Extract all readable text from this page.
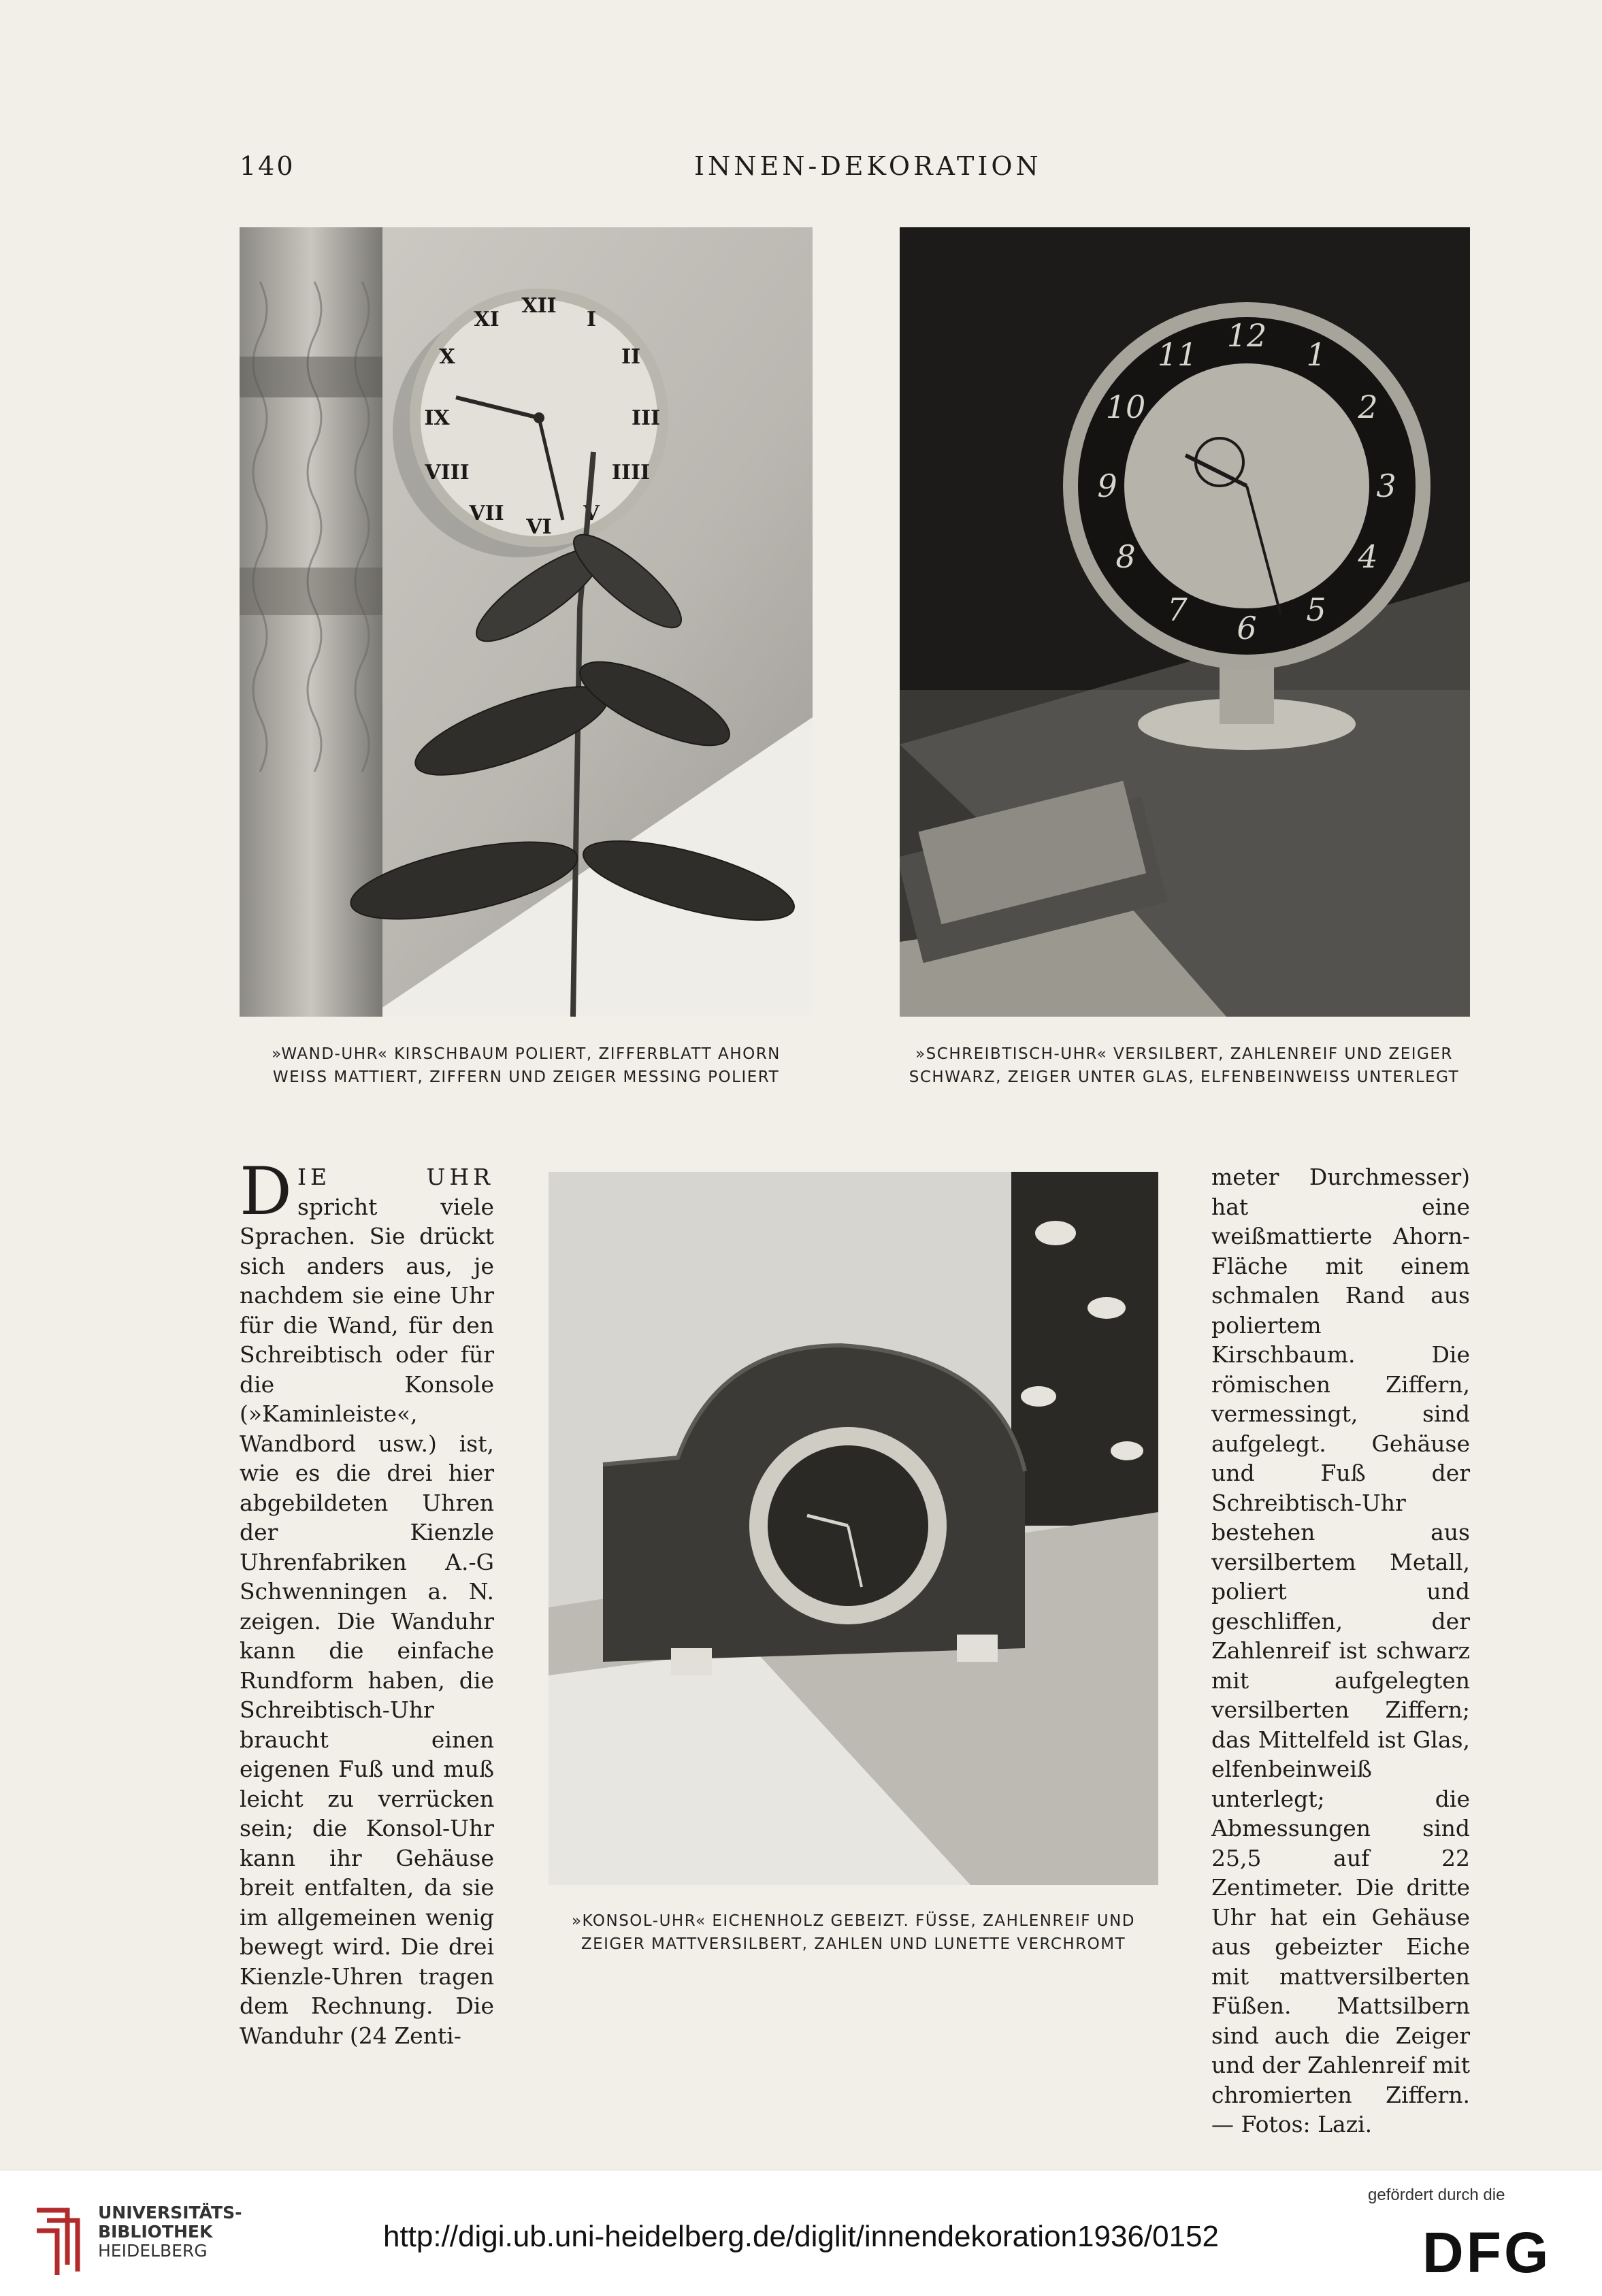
140	INNEN-DEKORATION
XII
I
II
III
IIII
V
VI
VII
VIII
IX
X
XI	12
1
2
3
4
5
6
7
8
9
10
11
»WAND-UHR« KIRSCHBAUM POLIERT, ZIFFERBLATT AHORN
WEISS MATTIERT, ZIFFERN UND ZEIGER MESSING POLIERT
»SCHREIBTISCH-UHR« VERSILBERT, ZAHLENREIF UND ZEIGER
SCHWARZ, ZEIGER UNTER GLAS, ELFENBEINWEISS UNTERLEGT

DIE UHR spricht viele Sprachen. Sie drückt sich anders aus, je nachdem sie eine Uhr für die Wand, für den Schreibtisch oder für die Konsole (»Kaminleiste«, Wandbord usw.) ist, wie es die drei hier abgebildeten Uhren der Kienzle Uhrenfabriken A.-G Schwenningen a. N. zeigen. Die Wanduhr kann die einfache Rundform haben, die Schreibtisch-Uhr braucht einen eigenen Fuß und muß leicht zu verrücken sein; die Konsol-Uhr kann ihr Gehäuse breit entfalten, da sie im allgemeinen wenig bewegt wird. Die drei Kienzle-Uhren tragen dem Rechnung. Die Wanduhr (24 Zenti-

»KONSOL-UHR« EICHENHOLZ GEBEIZT. FÜSSE, ZAHLENREIF UND
ZEIGER MATTVERSILBERT, ZAHLEN UND LUNETTE VERCHROMT

meter Durchmesser) hat eine weißmattierte Ahorn-Fläche mit einem schmalen Rand aus poliertem Kirschbaum. Die römischen Ziffern, vermessingt, sind aufgelegt. Gehäuse und Fuß der Schreibtisch-Uhr bestehen aus versilbertem Metall, poliert und geschliffen, der Zahlenreif ist schwarz mit aufgelegten versilberten Ziffern; das Mittelfeld ist Glas, elfenbeinweiß unterlegt; die Abmessungen sind 25,5 auf 22 Zentimeter. Die dritte Uhr hat ein Gehäuse aus gebeizter Eiche mit mattversilberten Füßen. Mattsilbern sind auch die Zeiger und der Zahlenreif mit chromierten Ziffern. — Fotos: Lazi.

UNIVERSITÄTS-
BIBLIOTHEK
HEIDELBERG	http://digi.ub.uni-heidelberg.de/diglit/innendekoration1936/0152
gefördert durch die
DFG
